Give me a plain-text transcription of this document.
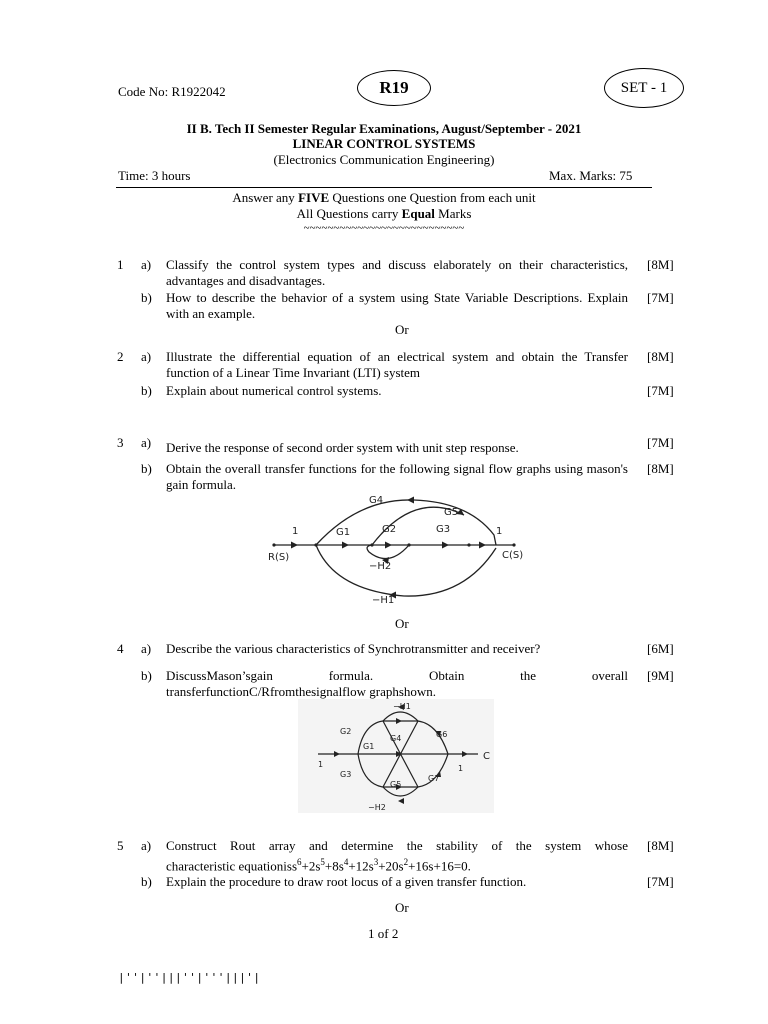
Code No: R1922042	R19	SET - 1
II B. Tech II Semester Regular Examinations, August/September - 2021
LINEAR CONTROL SYSTEMS
(Electronics Communication Engineering)
Time: 3 hours	Max. Marks: 75
Answer any FIVE Questions one Question from each unit
All Questions carry Equal Marks
~~~~~~~~~~~~~~~~~~~~~~~~~~~
1 a) Classify the control system types and discuss elaborately on their characteristics, advantages and disadvantages.
[8M]
b) How to describe the behavior of a system using State Variable Descriptions. Explain with an example.
[7M]
Or
2 a) Illustrate the differential equation of an electrical system and obtain the Transfer function of a Linear Time Invariant (LTI) system
[8M]
b) Explain about numerical control systems.	[7M]
3 a) Derive the response of second order system with unit step response.	[7M]
b) Obtain the overall transfer functions for the following signal flow graphs using mason's gain formula.
[8M]
G1	G2	G3
G4
G5
−H2
−H1
1	1
R(S)	C(S)
Or
4 a) Describe the various characteristics of Synchrotransmitter and receiver?	[6M]
b) DiscussMason’sgain	formula.	Obtain	the	overall
transferfunctionC/Rfromthesignalflow graphshown.
[9M]
G2
G1
G4	G6
G3
G5
G7
−H1
−H2
1	1
C
5 a) Construct Rout array and determine the stability of the system whose
characteristic $equationiss^6+2s^5+8s^4+12s^3+20s^2+16s+16=0$.
[8M]
b) Explain the procedure to draw root locus of a given transfer function.	[7M]
Or
1 of 2
|''|''|||''|'''|||'|
